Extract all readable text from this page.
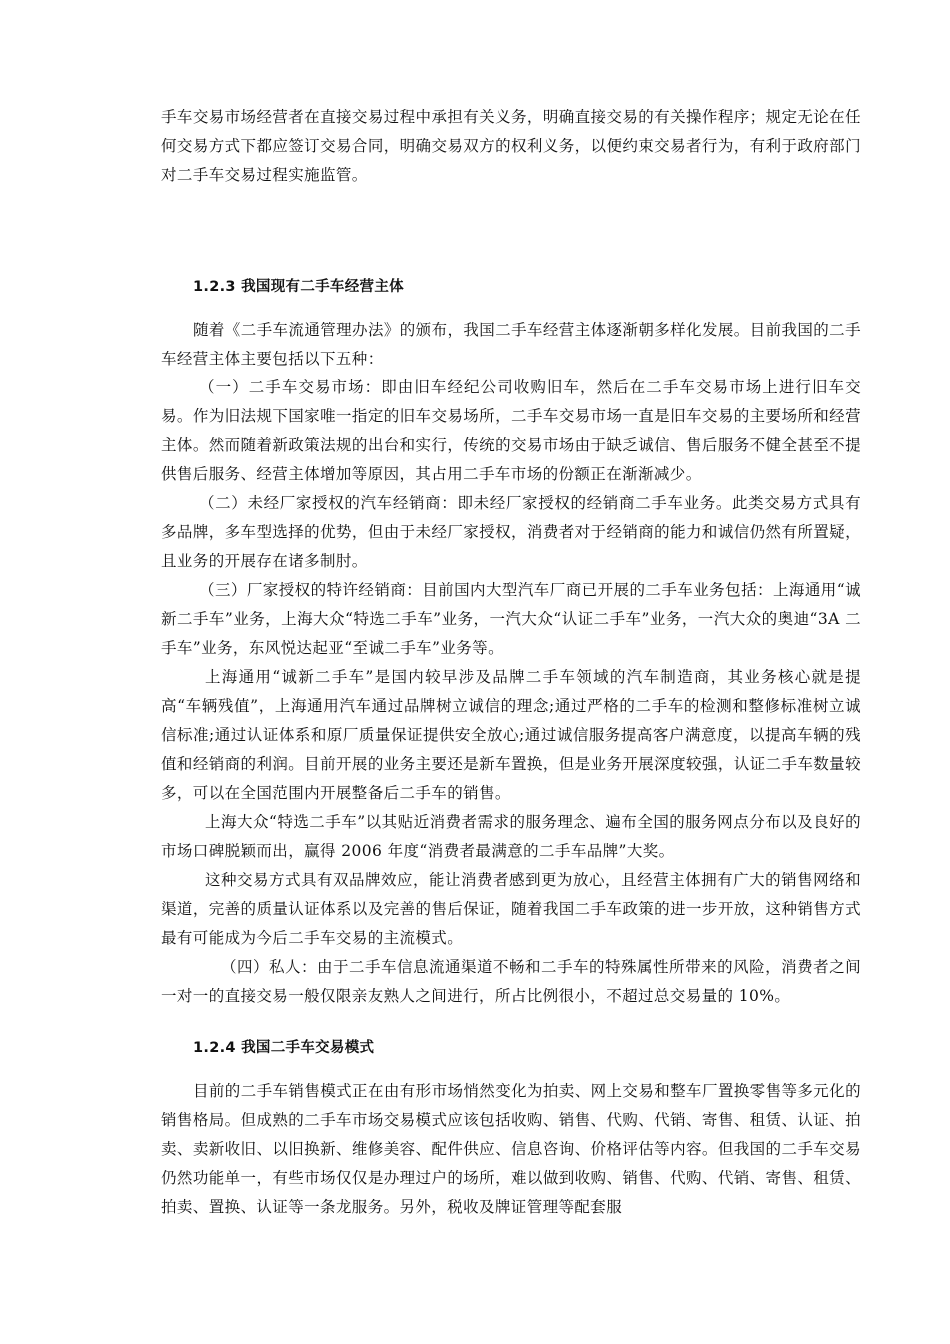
手车交易市场经营者在直接交易过程中承担有关义务，明确直接交易的有关操作程序；规定无论在任何交易方式下都应签订交易合同，明确交易双方的权利义务，以便约束交易者行为，有利于政府部门对二手车交易过程实施监管。

1.2.3 我国现有二手车经营主体

随着《二手车流通管理办法》的颁布，我国二手车经营主体逐渐朝多样化发展。目前我国的二手车经营主体主要包括以下五种：

（一）二手车交易市场：即由旧车经纪公司收购旧车，然后在二手车交易市场上进行旧车交易。作为旧法规下国家唯一指定的旧车交易场所，二手车交易市场一直是旧车交易的主要场所和经营主体。然而随着新政策法规的出台和实行，传统的交易市场由于缺乏诚信、售后服务不健全甚至不提供售后服务、经营主体增加等原因，其占用二手车市场的份额正在渐渐减少。

（二）未经厂家授权的汽车经销商：即未经厂家授权的经销商二手车业务。此类交易方式具有多品牌，多车型选择的优势，但由于未经厂家授权，消费者对于经销商的能力和诚信仍然有所置疑，且业务的开展存在诸多制肘。

（三）厂家授权的特许经销商：目前国内大型汽车厂商已开展的二手车业务包括：上海通用“诚新二手车”业务，上海大众“特选二手车”业务，一汽大众“认证二手车”业务，一汽大众的奥迪“3A 二手车”业务，东风悦达起亚“至诚二手车”业务等。

上海通用“诚新二手车”是国内较早涉及品牌二手车领域的汽车制造商，其业务核心就是提高“车辆残值”，上海通用汽车通过品牌树立诚信的理念;通过严格的二手车的检测和整修标准树立诚信标准;通过认证体系和原厂质量保证提供安全放心;通过诚信服务提高客户满意度，以提高车辆的残值和经销商的利润。目前开展的业务主要还是新车置换，但是业务开展深度较强，认证二手车数量较多，可以在全国范围内开展整备后二手车的销售。

上海大众“特选二手车”以其贴近消费者需求的服务理念、遍布全国的服务网点分布以及良好的市场口碑脱颖而出，赢得 2006 年度“消费者最满意的二手车品牌”大奖。

这种交易方式具有双品牌效应，能让消费者感到更为放心，且经营主体拥有广大的销售网络和渠道，完善的质量认证体系以及完善的售后保证，随着我国二手车政策的进一步开放，这种销售方式最有可能成为今后二手车交易的主流模式。

（四）私人：由于二手车信息流通渠道不畅和二手车的特殊属性所带来的风险，消费者之间一对一的直接交易一般仅限亲友熟人之间进行，所占比例很小，不超过总交易量的 10%。

1.2.4 我国二手车交易模式

目前的二手车销售模式正在由有形市场悄然变化为拍卖、网上交易和整车厂置换零售等多元化的销售格局。但成熟的二手车市场交易模式应该包括收购、销售、代购、代销、寄售、租赁、认证、拍卖、卖新收旧、以旧换新、维修美容、配件供应、信息咨询、价格评估等内容。但我国的二手车交易仍然功能单一，有些市场仅仅是办理过户的场所，难以做到收购、销售、代购、代销、寄售、租赁、拍卖、置换、认证等一条龙服务。另外，税收及牌证管理等配套服
